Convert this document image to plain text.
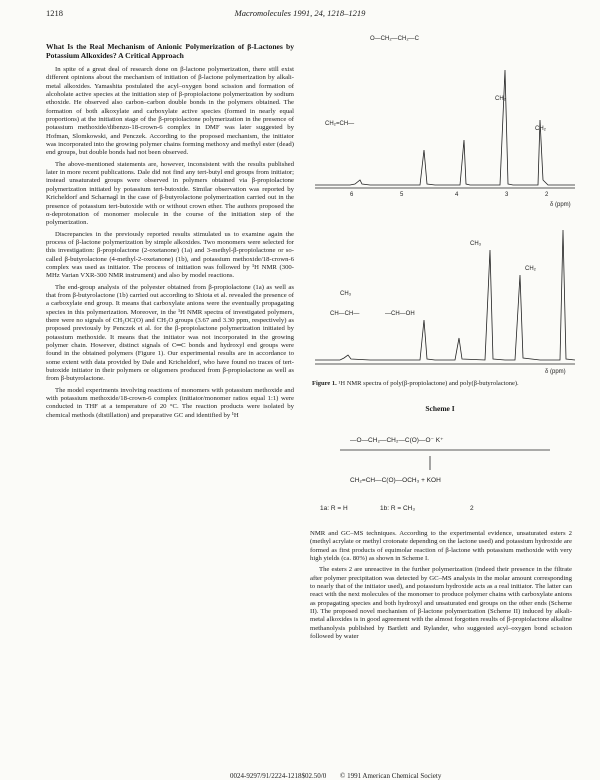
1218	Macromolecules 1991, 24, 1218–1219
What Is the Real Mechanism of Anionic Polymerization of β-Lactones by Potassium Alkoxides? A Critical Approach

In spite of a great deal of research done on β-lactone polymerization, there still exist different opinions about the mechanism of initiation of β-lactone polymerization by alkali-metal alkoxides. Yamashita postulated the acyl–oxygen bond scission and formation of alcoholate active species at the initiation step of β-propiolactone polymerization by sodium ethoxide. He observed also carbon–carbon double bonds in the polymers obtained. The formation of both alkoxylate and carboxylate active species (formed in nearly equal proportions) at the initiation stage of the β-propiolactone polymerization in the presence of potassium methoxide/dibenzo-18-crown-6 complex in DMF was later suggested by Hofman, Slomkowski, and Penczek. According to the proposed mechanism, the initiator was incorporated into the growing polymer chains forming methoxy and methyl ester (dead) end groups, but double bonds had not been observed.

The above-mentioned statements are, however, inconsistent with the results published later in more recent publications. Dale did not find any tert-butyl end groups from initiator; instead unsaturated groups were observed in polymers obtained via β-propiolactone polymerization initiated by potassium tert-butoxide. Similar observation was reported by Kricheldorf and Scharnagl in the case of β-butyrolactone polymerization carried out in the presence of potassium tert-butoxide with or without crown ether. The authors proposed the α-deprotonation of monomer molecule in the course of the initiation step of the polymerization.

Discrepancies in the previously reported results stimulated us to examine again the process of β-lactone polymerization by simple alkoxides. Two monomers were selected for this investigation: β-propiolactone (2-oxetanone) (1a) and 3-methyl-β-propiolactone or so-called β-butyrolactone (4-methyl-2-oxetanone) (1b), and potassium methoxide/18-crown-6 complex was used as initiator. The process of initiation was followed by ¹H NMR (300-MHz Varian VXR-300 NMR instrument) and also by model reactions.

The end-group analysis of the polyester obtained from β-propiolactone (1a) as well as that from β-butyrolactone (1b) carried out according to Shiota et al. revealed the presence of a carboxylate end group. It means that carboxylate anions were the eventually propagating species in this polymerization. Moreover, in the ¹H NMR spectra of investigated polymers, there were no signals of CH₃OC(O) and CH₃O groups (3.67 and 3.30 ppm, respectively) as proposed previously by Penczek et al. for the β-propiolactone polymerization initiated by potassium methoxide. It means that the initiator was not incorporated in the growing polymer chain. However, distinct signals of C═C bonds and hydroxyl end groups were found in the obtained polymers (Figure 1). Our experimental results are in accordance to some extent with data provided by Dale and Kricheldorf, who have found no traces of tert-butoxide initiator in their polymers or oligomers produced from β-propiolactone as well as from β-butyrolactone.

The model experiments involving reactions of monomers with potassium methoxide and with potassium methoxide/18-crown-6 complex (initiator/monomer ratios equal 1:1) were conducted in THF at a temperature of 20 °C. The reaction products were isolated by chemical methods (distillation) and preparative GC and identified by ¹H

O—CH₂—CH₂—C
CH₂=CH—
CH₂
CH₂
6	5	4	3	2
δ (ppm)
CH₃
CH—CH—	—CH—OH
CH₃
CH₂
δ (ppm)
Figure 1. ¹H NMR spectra of poly(β-propiolactone) and poly(β-butyrolactone).
Scheme I
—O—CH₂—CH₂—C(O)—O⁻ K⁺
CH₂=CH—C(O)—OCH₃ + KOH
1a: R = H	1b: R = CH₃	2

NMR and GC–MS techniques. According to the experimental evidence, unsaturated esters 2 (methyl acrylate or methyl crotonate depending on the lactone used) and potassium hydroxide are formed as first products of equimolar reaction of β-lactone with potassium methoxide with very high yields (ca. 80%) as shown in Scheme I.

The esters 2 are unreactive in the further polymerization (indeed their presence in the filtrate after polymer precipitation was detected by GC–MS analysis in the molar amount corresponding to nearly that of the initiator used), and potassium hydroxide acts as a real initiator. The latter can react with the next molecules of the monomer to produce polymer chains with carboxylate anions as propagating species and both hydroxyl and unsaturated end groups on the other ends (Scheme II). The proposed novel mechanism of β-lactone polymerization (Scheme II) induced by alkali-metal alkoxides is in good agreement with the almost forgotten results of β-propiolactone alkaline methanolysis published by Bartlett and Rylander, who suggested acyl–oxygen bond scission followed by water

0024-9297/91/2224-1218$02.50/0 © 1991 American Chemical Society
